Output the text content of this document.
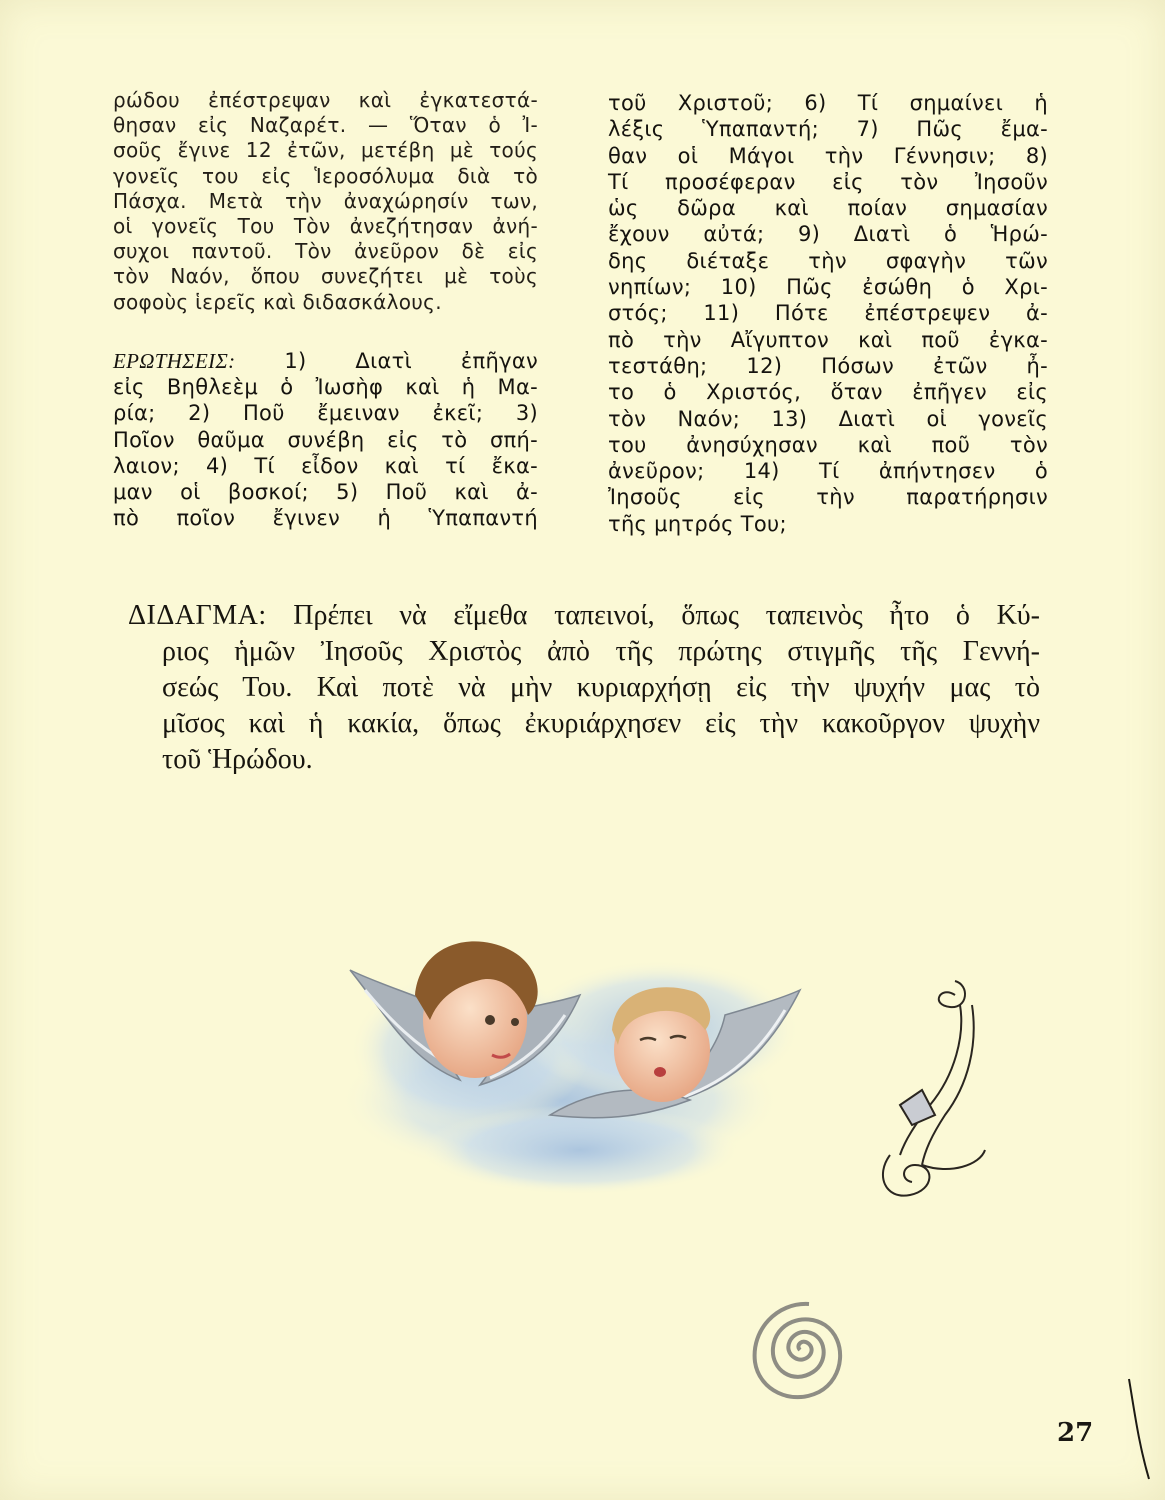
ρώδου ἐπέστρεψαν καὶ ἐγκατεστά-
θησαν εἰς Ναζαρέτ. — Ὅταν ὁ Ἰ-
σοῦς ἔγινε 12 ἐτῶν, μετέβη μὲ τούς
γονεῖς του εἰς Ἱεροσόλυμα διὰ τὸ
Πάσχα. Μετὰ τὴν ἀναχώρησίν των,
οἱ γονεῖς Του Τὸν ἀνεζήτησαν ἀνή-
συχοι παντοῦ. Τὸν ἀνεῦρον δὲ εἰς
τὸν Ναόν, ὅπου συνεζήτει μὲ τοὺς
σοφοὺς ἱερεῖς καὶ διδασκάλους.
ΕΡΩΤΗΣΕΙΣ: 1) Διατὶ ἐπῆγαν
εἰς Βηθλεὲμ ὁ Ἰωσὴφ καὶ ἡ Μα-
ρία; 2) Ποῦ ἔμειναν ἐκεῖ; 3)
Ποῖον θαῦμα συνέβη εἰς τὸ σπή-
λαιον; 4) Τί εἶδον καὶ τί ἔκα-
μαν οἱ βοσκοί; 5) Ποῦ καὶ ἀ-
πὸ ποῖον ἔγινεν ἡ Ὑπαπαντή
τοῦ Χριστοῦ; 6) Τί σημαίνει ἡ
λέξις Ὑπαπαντή; 7) Πῶς ἔμα-
θαν οἱ Μάγοι τὴν Γέννησιν; 8)
Τί προσέφεραν εἰς τὸν Ἰησοῦν
ὡς δῶρα καὶ ποίαν σημασίαν
ἔχουν αὐτά; 9) Διατὶ ὁ Ἡρώ-
δης διέταξε τὴν σφαγὴν τῶν
νηπίων; 10) Πῶς ἐσώθη ὁ Χρι-
στός; 11) Πότε ἐπέστρεψεν ἀ-
πὸ τὴν Αἴγυπτον καὶ ποῦ ἐγκα-
τεστάθη; 12) Πόσων ἐτῶν ἦ-
το ὁ Χριστός, ὅταν ἐπῆγεν εἰς
τὸν Ναόν; 13) Διατὶ οἱ γονεῖς
του ἀνησύχησαν καὶ ποῦ τὸν
ἀνεῦρον; 14) Τί ἀπήντησεν ὁ
Ἰησοῦς εἰς τὴν παρατήρησιν
τῆς μητρός Του;
ΔΙΔΑΓΜΑ: Πρέπει νὰ εἴμεθα ταπεινοί, ὅπως ταπεινὸς ἦτο ὁ Κύ-
ριος ἡμῶν Ἰησοῦς Χριστὸς ἀπὸ τῆς πρώτης στιγμῆς τῆς Γεννή-
σεώς Του. Καὶ ποτὲ νὰ μὴν κυριαρχήσῃ εἰς τὴν ψυχήν μας τὸ
μῖσος καὶ ἡ κακία, ὅπως ἐκυριάρχησεν εἰς τὴν κακοῦργον ψυχὴν
τοῦ Ἡρώδου.
27
